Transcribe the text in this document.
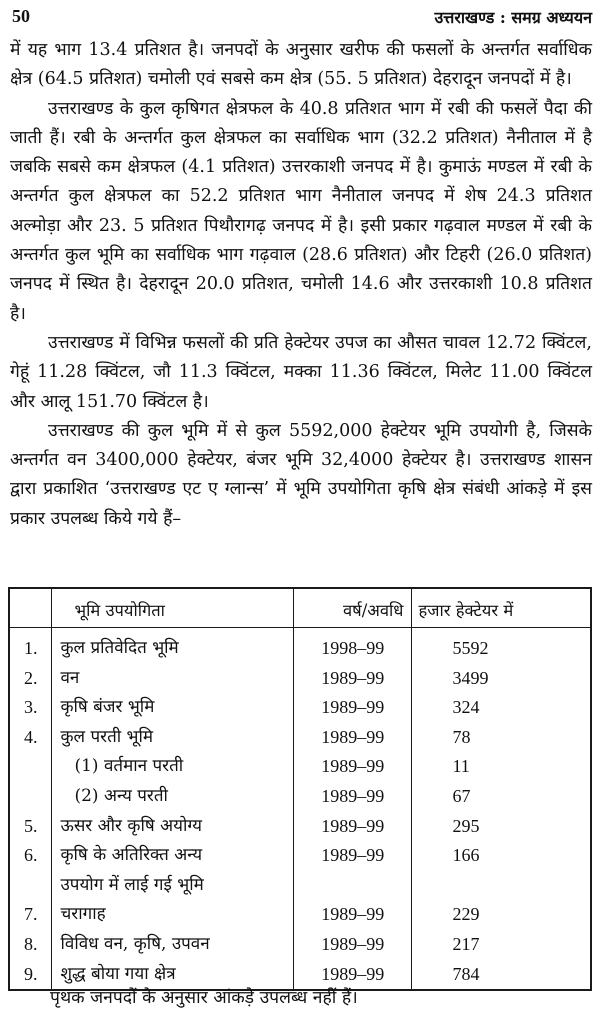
50	उत्तराखण्ड : समग्र अध्ययन

में यह भाग 13.4 प्रतिशत है। जनपदों के अनुसार खरीफ की फसलों के अन्तर्गत सर्वाधिक क्षेत्र (64.5 प्रतिशत) चमोली एवं सबसे कम क्षेत्र (55. 5 प्रतिशत) देहरादून जनपदों में है।

उत्तराखण्ड के कुल कृषिगत क्षेत्रफल के 40.8 प्रतिशत भाग में रबी की फसलें पैदा की जाती हैं। रबी के अन्तर्गत कुल क्षेत्रफल का सर्वाधिक भाग (32.2 प्रतिशत) नैनीताल में है जबकि सबसे कम क्षेत्रफल (4.1 प्रतिशत) उत्तरकाशी जनपद में है। कुमाऊं मण्डल में रबी के अन्तर्गत कुल क्षेत्रफल का 52.2 प्रतिशत भाग नैनीताल जनपद में शेष 24.3 प्रतिशत अल्मोड़ा और 23. 5 प्रतिशत पिथौरागढ़ जनपद में है। इसी प्रकार गढ़वाल मण्डल में रबी के अन्तर्गत कुल भूमि का सर्वाधिक भाग गढ़वाल (28.6 प्रतिशत) और टिहरी (26.0 प्रतिशत) जनपद में स्थित है। देहरादून 20.0 प्रतिशत, चमोली 14.6 और उत्तरकाशी 10.8 प्रतिशत है।

उत्तराखण्ड में विभिन्न फसलों की प्रति हेक्टेयर उपज का औसत चावल 12.72 क्विंटल, गेहूं 11.28 क्विंटल, जौ 11.3 क्विंटल, मक्का 11.36 क्विंटल, मिलेट 11.00 क्विंटल और आलू 151.70 क्विंटल है।

उत्तराखण्ड की कुल भूमि में से कुल 5592,000 हेक्टेयर भूमि उपयोगी है, जिसके अन्तर्गत वन 3400,000 हेक्टेयर, बंजर भूमि 32,4000 हेक्टेयर है। उत्तराखण्ड शासन द्वारा प्रकाशित ‘उत्तराखण्ड एट ए ग्लान्स’ में भूमि उपयोगिता कृषि क्षेत्र संबंधी आंकड़े में इस प्रकार उपलब्ध किये गये हैं–

	भूमि उपयोगिता	वर्ष/अवधि	हजार हेक्टेयर में
1.	कुल प्रतिवेदित भूमि	1998–99	5592
2.	वन	1989–99	3499
3.	कृषि बंजर भूमि	1989–99	324
4.	कुल परती भूमि	1989–99	78
	(1) वर्तमान परती	1989–99	11
	(2) अन्य परती	1989–99	67
5.	ऊसर और कृषि अयोग्य	1989–99	295
6.	कृषि के अतिरिक्त अन्य	1989–99	166
	उपयोग में लाई गई भूमि		
7.	चरागाह	1989–99	229
8.	विविध वन, कृषि, उपवन	1989–99	217
9.	शुद्ध बोया गया क्षेत्र	1989–99	784
पृथक जनपदों के अनुसार आंकड़े उपलब्ध नहीं हैं।
